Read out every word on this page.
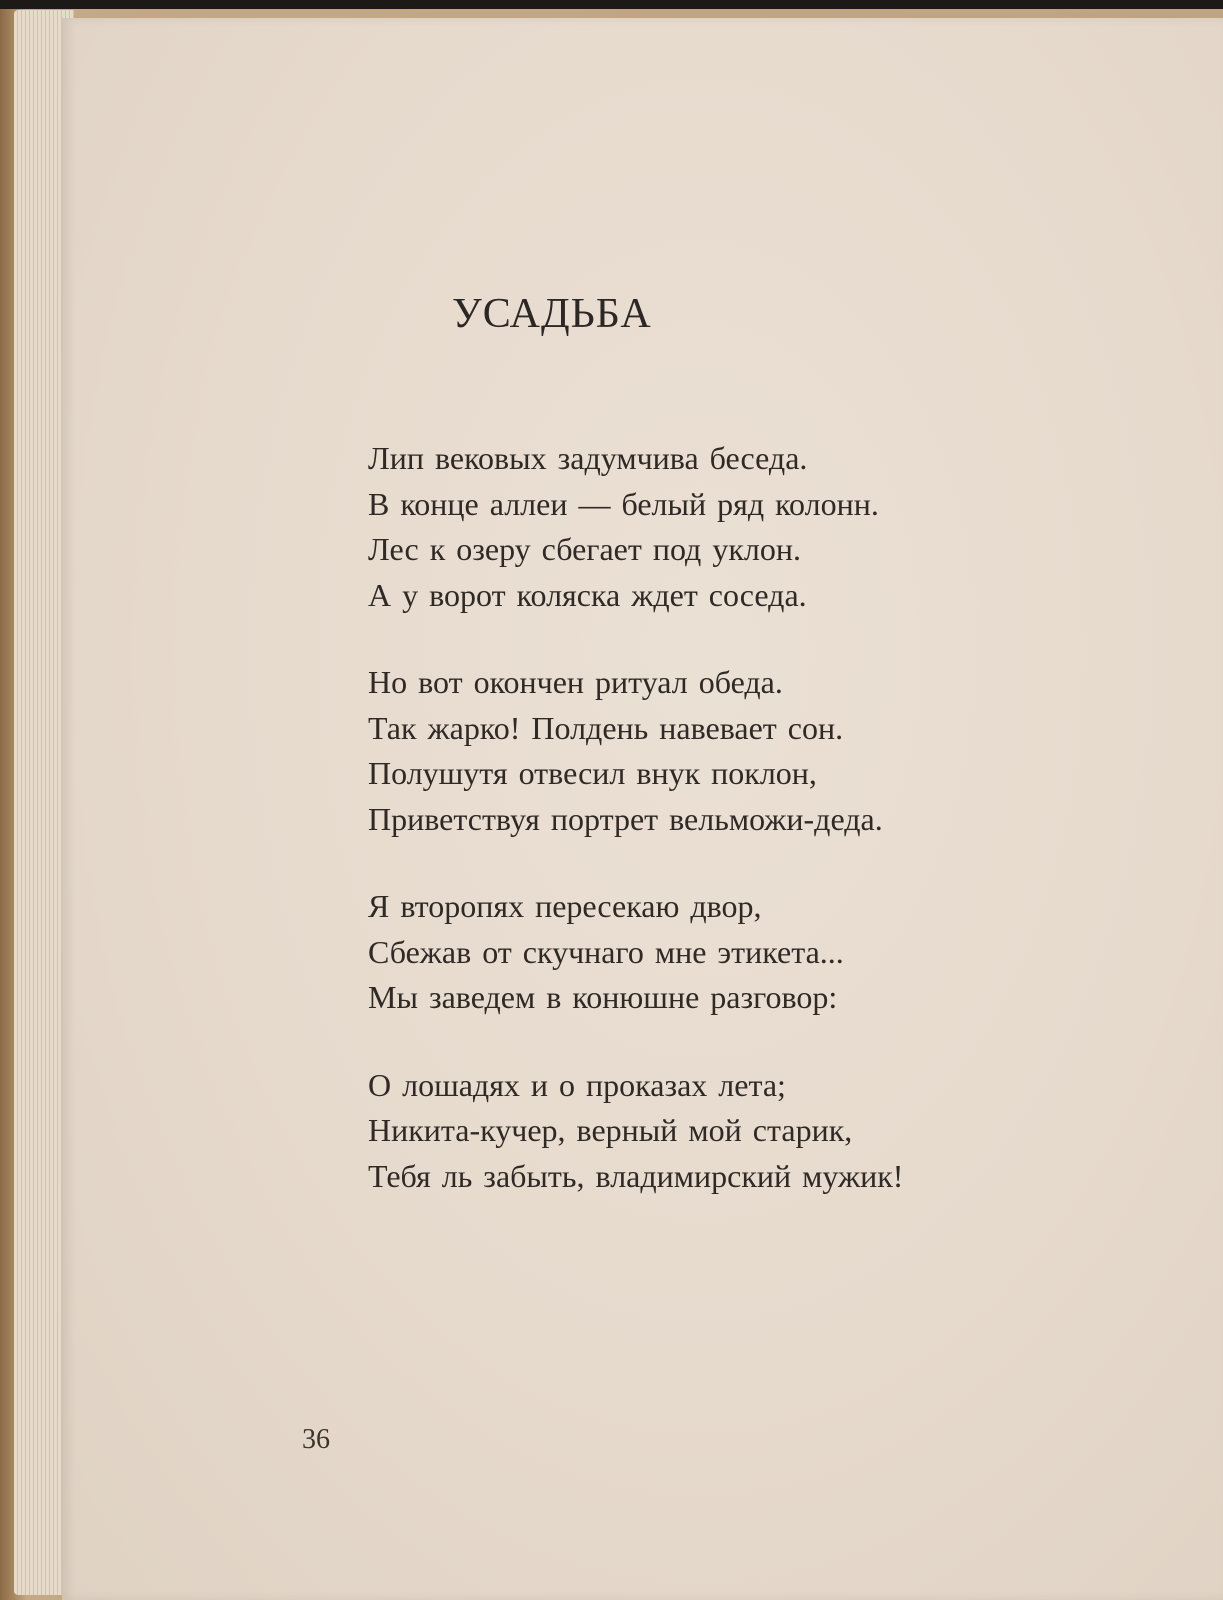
УСАДЬБА
Лип вековых задумчива беседа.
В конце аллеи — белый ряд колонн.
Лес к озеру сбегает под уклон.
А у ворот коляска ждет соседа.
Но вот окончен ритуал обеда.
Так жарко! Полдень навевает сон.
Полушутя отвесил внук поклон,
Приветствуя портрет вельможи-деда.
Я второпях пересекаю двор,
Сбежав от скучнаго мне этикета...
Мы заведем в конюшне разговор:
О лошадях и о проказах лета;
Никита-кучер, верный мой старик,
Тебя ль забыть, владимирский мужик!
36
